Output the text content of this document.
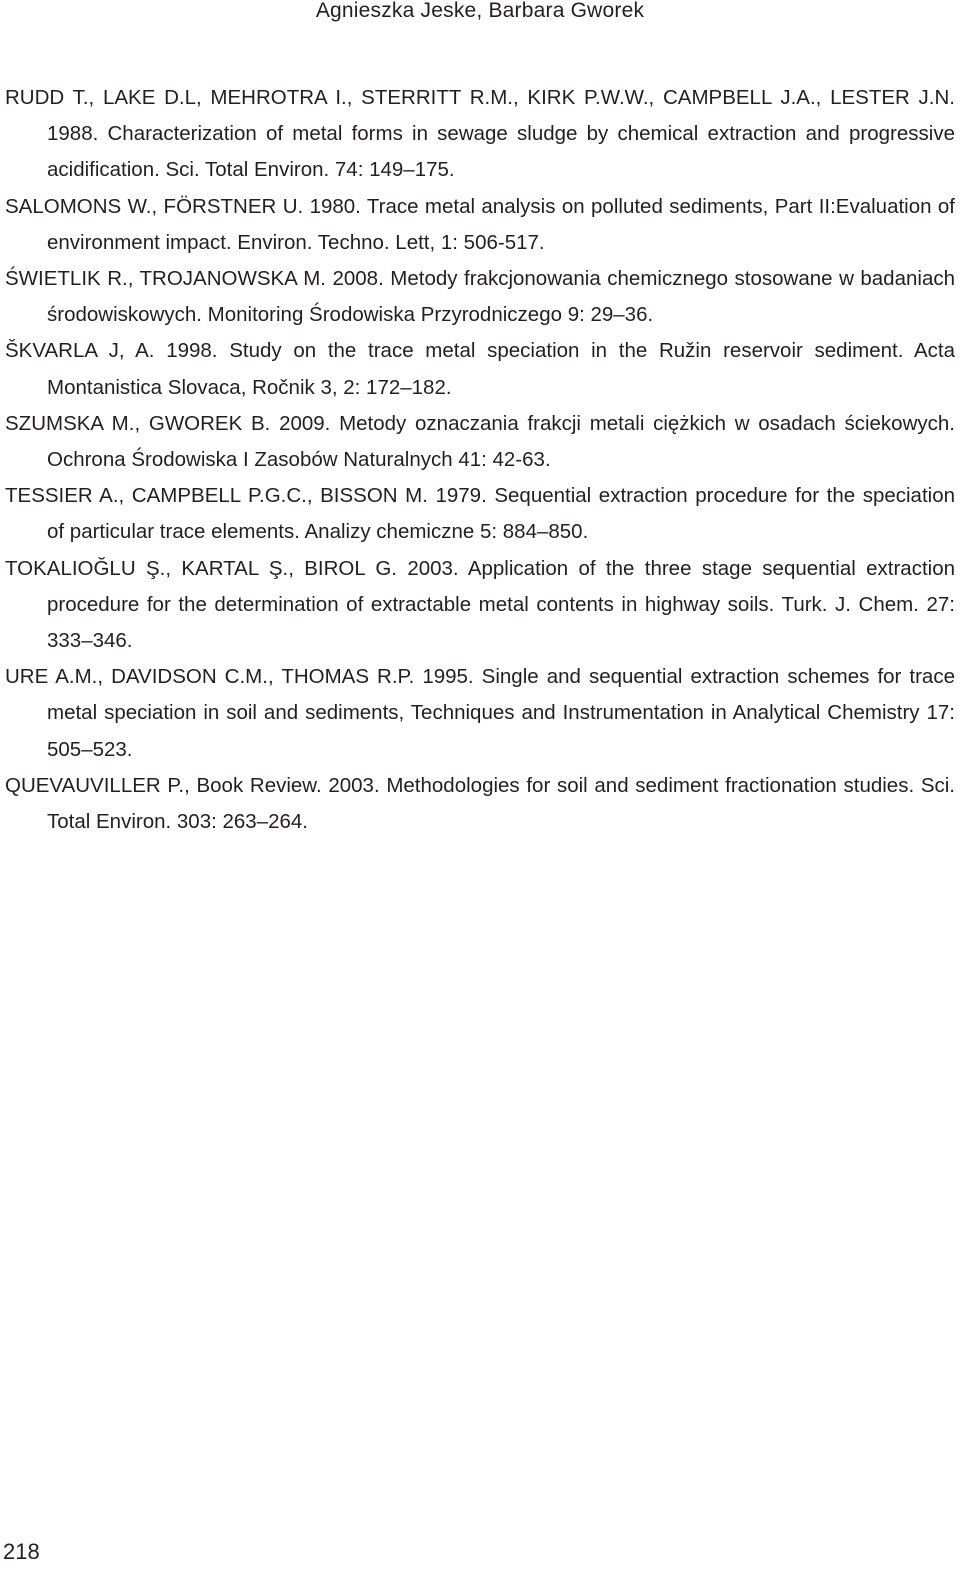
Agnieszka Jeske, Barbara Gworek
RUDD T., LAKE D.L, MEHROTRA I., STERRITT R.M., KIRK P.W.W., CAMPBELL J.A., LESTER J.N. 1988. Characterization of metal forms in sewage sludge by chemical extraction and progressive acidification. Sci. Total Environ. 74: 149–175.
SALOMONS W., FÖRSTNER U. 1980. Trace metal analysis on polluted sediments, Part II:Evaluation of environment impact. Environ. Techno. Lett, 1: 506-517.
ŚWIETLIK R., TROJANOWSKA M. 2008. Metody frakcjonowania chemicznego stosowane w badaniach środowiskowych. Monitoring Środowiska Przyrodniczego 9: 29–36.
ŠKVARLA J, A. 1998. Study on the trace metal speciation in the Ružin reservoir sediment. Acta Montanistica Slovaca, Ročnik 3, 2: 172–182.
SZUMSKA M., GWOREK B. 2009. Metody oznaczania frakcji metali ciężkich w osadach ściekowych. Ochrona Środowiska I Zasobów Naturalnych 41: 42-63.
TESSIER A., CAMPBELL P.G.C., BISSON M. 1979. Sequential extraction procedure for the speciation of particular trace elements. Analizy chemiczne 5: 884–850.
TOKALIOĞLU Ş., KARTAL Ş., BIROL G. 2003. Application of the three stage sequential extraction procedure for the determination of extractable metal contents in highway soils. Turk. J. Chem. 27: 333–346.
URE A.M., DAVIDSON C.M., THOMAS R.P. 1995. Single and sequential extraction schemes for trace metal speciation in soil and sediments, Techniques and Instrumentation in Analytical Chemistry 17: 505–523.
QUEVAUVILLER P., Book Review. 2003. Methodologies for soil and sediment fractionation studies. Sci. Total Environ. 303: 263–264.
218
